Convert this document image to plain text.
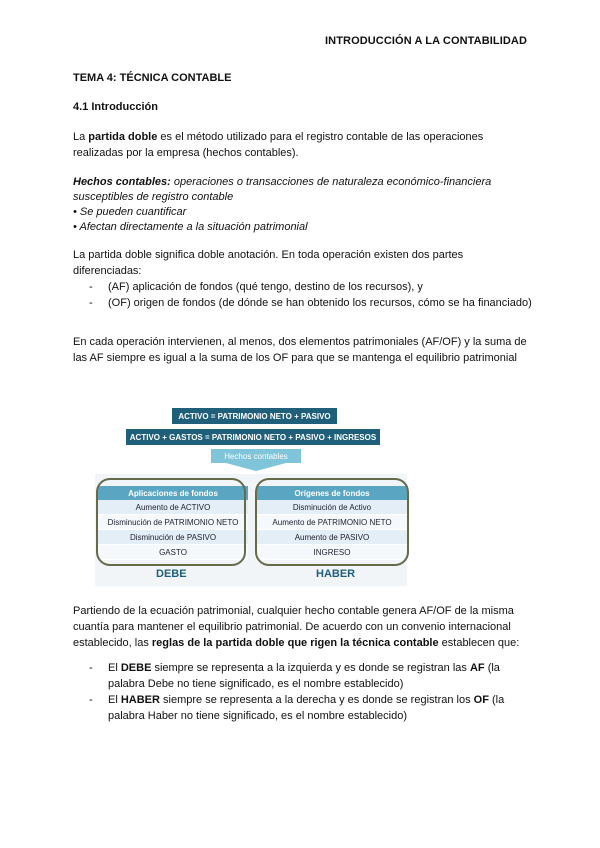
INTRODUCCIÓN A LA CONTABILIDAD
TEMA 4: TÉCNICA CONTABLE
4.1 Introducción
La partida doble es el método utilizado para el registro contable de las operaciones realizadas por la empresa (hechos contables).
Hechos contables: operaciones o transacciones de naturaleza económico-financiera susceptibles de registro contable
• Se pueden cuantificar
• Afectan directamente a la situación patrimonial
La partida doble significa doble anotación. En toda operación existen dos partes diferenciadas:
- (AF) aplicación de fondos (qué tengo, destino de los recursos), y
- (OF) origen de fondos (de dónde se han obtenido los recursos, cómo se ha financiado)
En cada operación intervienen, al menos, dos elementos patrimoniales (AF/OF) y la suma de las AF siempre es igual a la suma de los OF para que se mantenga el equilibrio patrimonial
ACTIVO = PATRIMONIO NETO + PASIVO
ACTIVO + GASTOS = PATRIMONIO NETO + PASIVO + INGRESOS
Hechos contables
Aplicaciones de fondos
Aumento de ACTIVO
Disminución de PATRIMONIO NETO
Disminución de PASIVO
GASTO
Orígenes de fondos
Disminución de Activo
Aumento de PATRIMONIO NETO
Aumento de PASIVO
INGRESO
DEBE	HABER
Partiendo de la ecuación patrimonial, cualquier hecho contable genera AF/OF de la misma cuantía para mantener el equilibrio patrimonial. De acuerdo con un convenio internacional establecido, las reglas de la partida doble que rigen la técnica contable establecen que:
- El DEBE siempre se representa a la izquierda y es donde se registran las AF (la palabra Debe no tiene significado, es el nombre establecido)
- El HABER siempre se representa a la derecha y es donde se registran los OF (la palabra Haber no tiene significado, es el nombre establecido)
